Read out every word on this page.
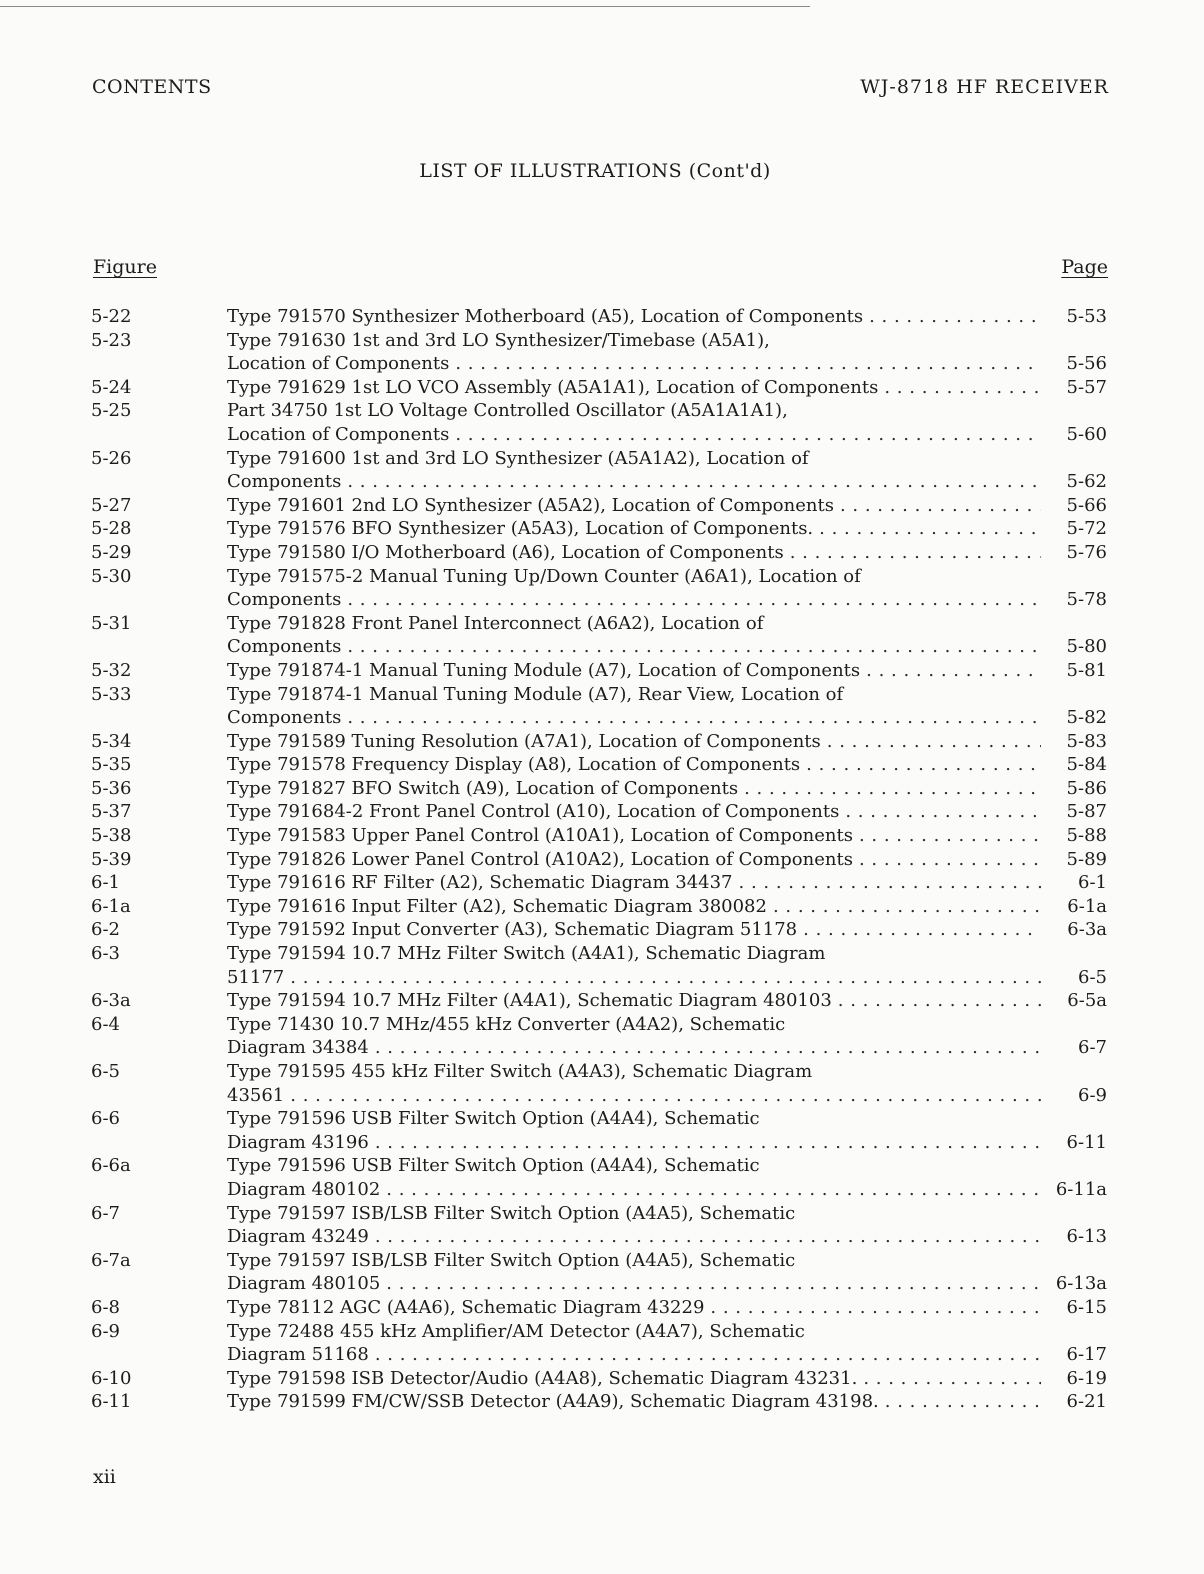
CONTENTS	WJ-8718 HF RECEIVER
LIST OF ILLUSTRATIONS (Cont'd)
Figure	Page
5-22	Type 791570 Synthesizer Motherboard (A5), Location of Components . . .	5-53
5-23	Type 791630 1st and 3rd LO Synthesizer/Timebase (A5A1),
Location of Components . . .	5-56
5-24	Type 791629 1st LO VCO Assembly (A5A1A1), Location of Components . . .	5-57
5-25	Part 34750 1st LO Voltage Controlled Oscillator (A5A1A1A1),
Location of Components . . .	5-60
5-26	Type 791600 1st and 3rd LO Synthesizer (A5A1A2), Location of
Components . . .	5-62
5-27	Type 791601 2nd LO Synthesizer (A5A2), Location of Components . . .	5-66
5-28	Type 791576 BFO Synthesizer (A5A3), Location of Components. . . .	5-72
5-29	Type 791580 I/O Motherboard (A6), Location of Components . . .	5-76
5-30	Type 791575-2 Manual Tuning Up/Down Counter (A6A1), Location of
Components . . .	5-78
5-31	Type 791828 Front Panel Interconnect (A6A2), Location of
Components . . .	5-80
5-32	Type 791874-1 Manual Tuning Module (A7), Location of Components . . .	5-81
5-33	Type 791874-1 Manual Tuning Module (A7), Rear View, Location of
Components . . .	5-82
5-34	Type 791589 Tuning Resolution (A7A1), Location of Components . . .	5-83
5-35	Type 791578 Frequency Display (A8), Location of Components . . .	5-84
5-36	Type 791827 BFO Switch (A9), Location of Components . . .	5-86
5-37	Type 791684-2 Front Panel Control (A10), Location of Components . . .	5-87
5-38	Type 791583 Upper Panel Control (A10A1), Location of Components . . .	5-88
5-39	Type 791826 Lower Panel Control (A10A2), Location of Components . . .	5-89
6-1	Type 791616 RF Filter (A2), Schematic Diagram 34437 . . .	6-1
6-1a	Type 791616 Input Filter (A2), Schematic Diagram 380082 . . .	6-1a
6-2	Type 791592 Input Converter (A3), Schematic Diagram 51178 . . .	6-3a
6-3	Type 791594 10.7 MHz Filter Switch (A4A1), Schematic Diagram
51177 . . .	6-5
6-3a	Type 791594 10.7 MHz Filter (A4A1), Schematic Diagram 480103 . . .	6-5a
6-4	Type 71430 10.7 MHz/455 kHz Converter (A4A2), Schematic
Diagram 34384 . . .	6-7
6-5	Type 791595 455 kHz Filter Switch (A4A3), Schematic Diagram
43561 . . .	6-9
6-6	Type 791596 USB Filter Switch Option (A4A4), Schematic
Diagram 43196 . . .	6-11
6-6a	Type 791596 USB Filter Switch Option (A4A4), Schematic
Diagram 480102 . . .	6-11a
6-7	Type 791597 ISB/LSB Filter Switch Option (A4A5), Schematic
Diagram 43249 . . .	6-13
6-7a	Type 791597 ISB/LSB Filter Switch Option (A4A5), Schematic
Diagram 480105 . . .	6-13a
6-8	Type 78112 AGC (A4A6), Schematic Diagram 43229 . . .	6-15
6-9	Type 72488 455 kHz Amplifier/AM Detector (A4A7), Schematic
Diagram 51168 . . .	6-17
6-10	Type 791598 ISB Detector/Audio (A4A8), Schematic Diagram 43231. . . .	6-19
6-11	Type 791599 FM/CW/SSB Detector (A4A9), Schematic Diagram 43198. . . .	6-21
xii
